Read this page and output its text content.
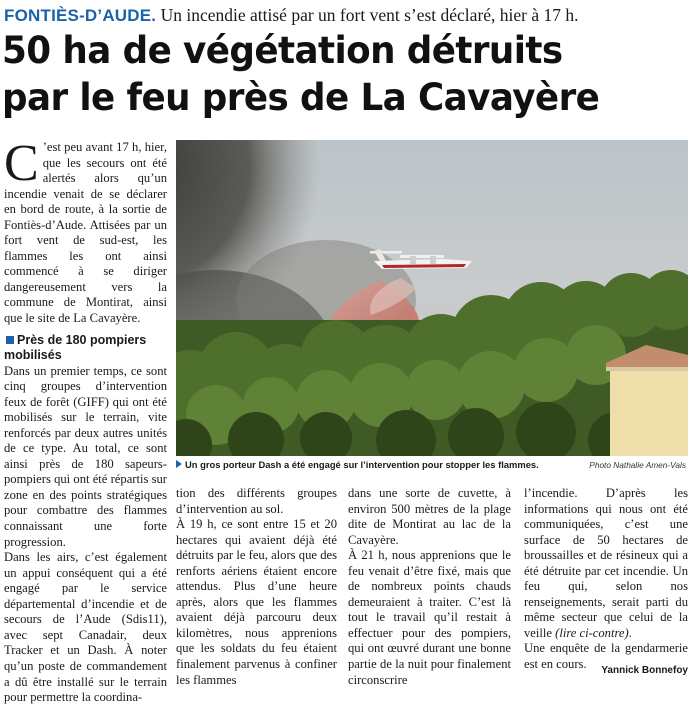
FONTIÈS-D’AUDE. Un incendie attisé par un fort vent s’est déclaré, hier à 17 h.
50 ha de végétation détruits
par le feu près de La Cavayère

C ’est peu avant 17 h, hier, que les secours ont été alertés alors qu’un incendie venait de se déclarer en bord de route, à la sortie de Fontiès-d’Aude. Attisées par un fort vent de sud-est, les flammes les ont ainsi commencé à se diriger dangereusement vers la commune de Montirat, ainsi que le site de La Cavayère.

Près de 180 pompiers mobilisés

Dans un premier temps, ce sont cinq groupes d’intervention feux de forêt (GIFF) qui ont été mobilisés sur le terrain, vite renforcés par deux autres unités de ce type. Au total, ce sont ainsi près de 180 sapeurs-pompiers qui ont été répartis sur zone en des points stratégiques pour combattre des flammes connaissant une forte progression.

Dans les airs, c’est également un appui conséquent qui a été engagé par le service départemental d’incendie et de secours de l’Aude (Sdis11), avec sept Canadair, deux Tracker et un Dash. À noter qu’un poste de commandement a dû être installé sur le terrain pour permettre la coordina-

Un gros porteur Dash a été engagé sur l’intervention pour stopper les flammes.	Photo Nathalie Amen-Vals

tion des différents groupes d’intervention au sol.

À 19 h, ce sont entre 15 et 20 hectares qui avaient déjà été détruits par le feu, alors que des renforts aériens étaient encore attendus. Plus d’une heure après, alors que les flammes avaient déjà parcouru deux kilomètres, nous apprenions que les soldats du feu étaient finalement parvenus à confiner les flammes

dans une sorte de cuvette, à environ 500 mètres de la plage dite de Montirat au lac de la Cavayère.

À 21 h, nous apprenions que le feu venait d’être fixé, mais que de nombreux points chauds demeuraient à traiter. C’est là tout le travail qu’il restait à effectuer pour des pompiers, qui ont œuvré durant une bonne partie de la nuit pour finalement circonscrire

l’incendie. D’après les informations qui nous ont été communiquées, c’est une surface de 50 hectares de broussailles et de résineux qui a été détruite par cet incendie. Un feu qui, selon nos renseignements, serait parti du même secteur que celui de la veille (lire ci-contre).

Une enquête de la gendarmerie est en cours.	Yannick Bonnefoy
